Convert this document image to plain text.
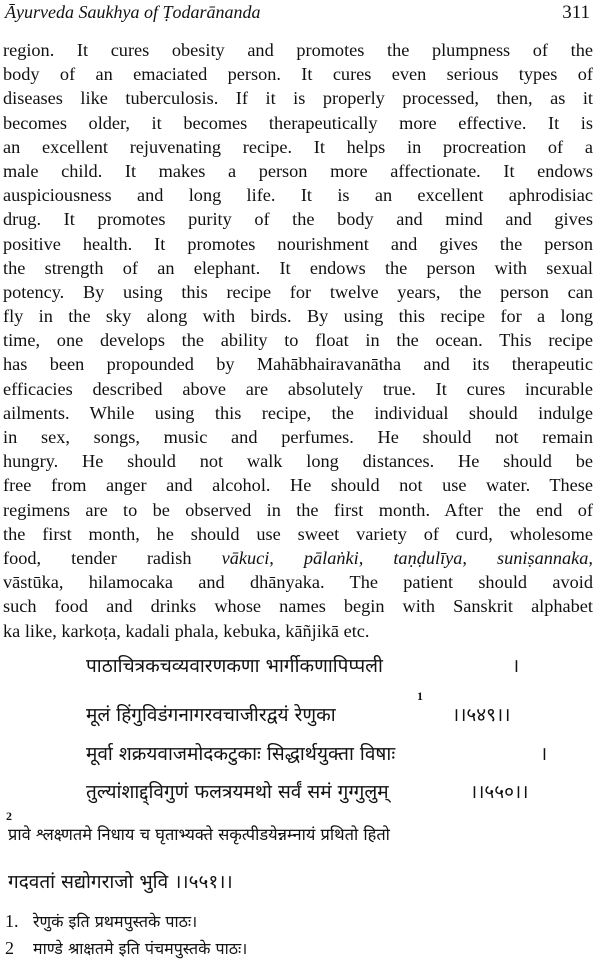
Āyurveda Saukhya of Ṭodarānanda	311
region. It cures obesity and promotes the plumpness of the
body of an emaciated person. It cures even serious types of
diseases like tuberculosis. If it is properly processed, then, as it
becomes older, it becomes therapeutically more effective. It is
an excellent rejuvenating recipe. It helps in procreation of a
male child. It makes a person more affectionate. It endows
auspiciousness and long life. It is an excellent aphrodisiac
drug. It promotes purity of the body and mind and gives
positive health. It promotes nourishment and gives the person
the strength of an elephant. It endows the person with sexual
potency. By using this recipe for twelve years, the person can
fly in the sky along with birds. By using this recipe for a long
time, one develops the ability to float in the ocean. This recipe
has been propounded by Mahābhairavanātha and its therapeutic
efficacies described above are absolutely true. It cures incurable
ailments. While using this recipe, the individual should indulge
in sex, songs, music and perfumes. He should not remain
hungry. He should not walk long distances. He should be
free from anger and alcohol. He should not use water. These
regimens are to be observed in the first month. After the end of
the first month, he should use sweet variety of curd, wholesome
food, tender radish vākuci, pālaṅki, taṇḍulīya, suniṣannaka,
vāstūka, hilamocaka and dhānyaka. The patient should avoid
such food and drinks whose names begin with Sanskrit alphabet
ka like, karkoṭa, kadali phala, kebuka, kāñjikā etc.
पाठाचित्रकचव्यवारणकणा भार्गीकणापिप्पली	।
1
मूलं हिंगुविडंगनागरवचाजीरद्वयं रेणुका	।।५४९।।
मूर्वा शक्रयवाजमोदकटुकाः सिद्धार्थयुक्ता विषाः	।
तुल्यांशाद्द्विगुणं फलत्रयमथो सर्वं समं गुग्गुलुम्	।।५५०।।
2
प्रावे श्लक्ष्णतमे निधाय च घृताभ्यक्ते सकृत्पीडयेन्नम्नायं प्रथितो हितो
गदवतां सद्योगराजो भुवि ।।५५१।।
1. रेणुकं इति प्रथमपुस्तके पाठः।
2 माण्डे श्राक्षतमे इति पंचमपुस्तके पाठः।
